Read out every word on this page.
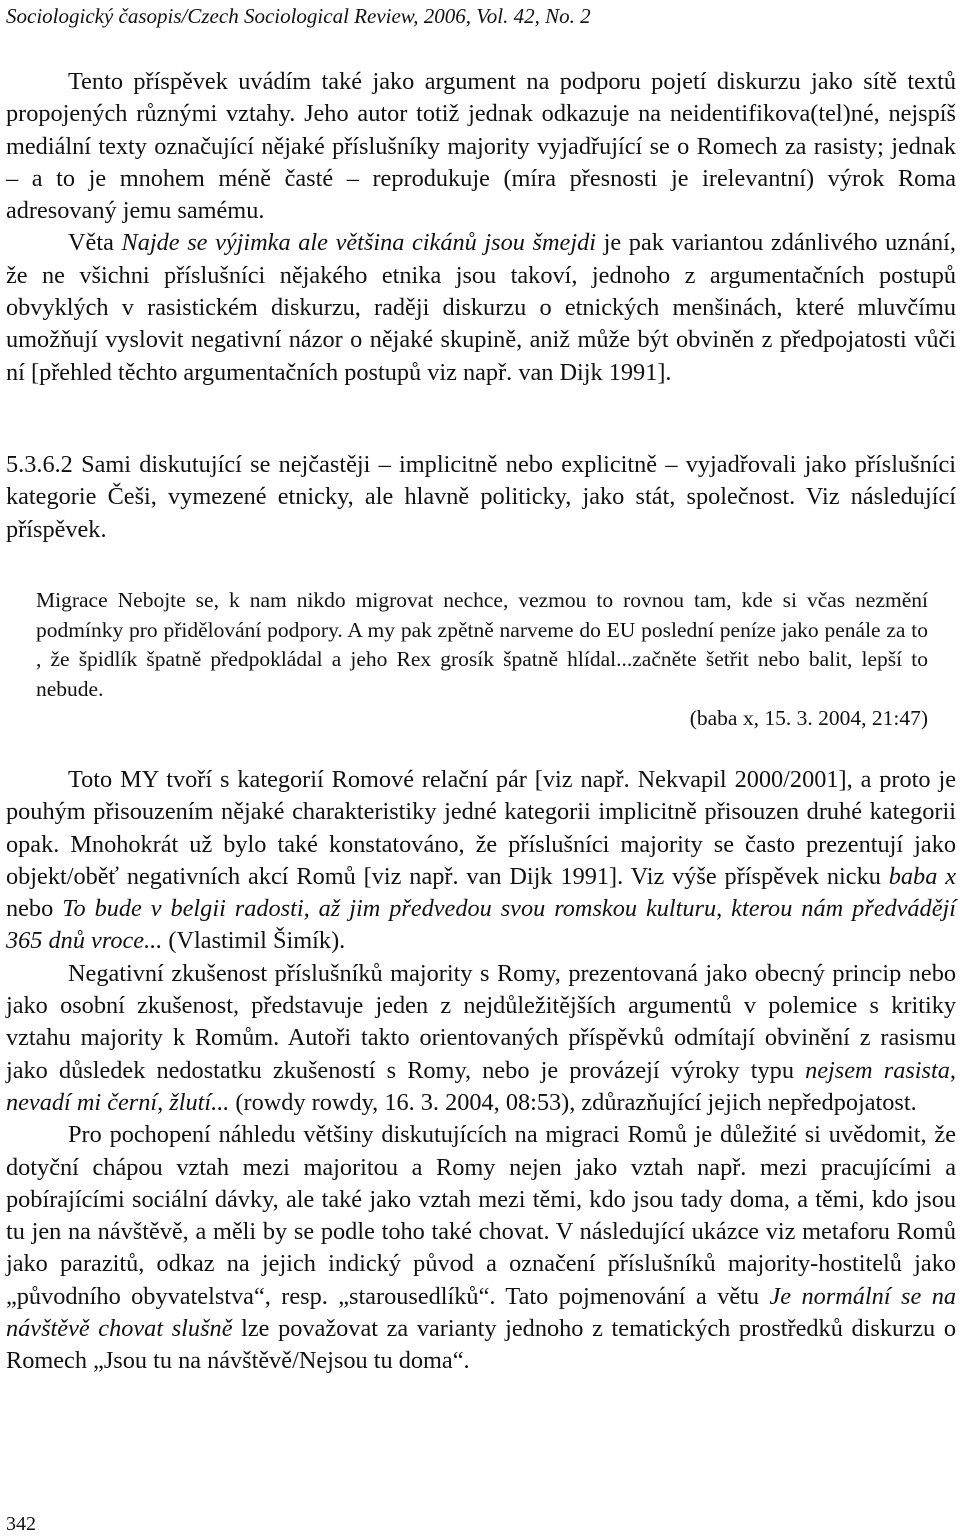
Sociologický časopis/Czech Sociological Review, 2006, Vol. 42, No. 2

Tento příspěvek uvádím také jako argument na podporu pojetí diskurzu jako sítě textů propojených různými vztahy. Jeho autor totiž jednak odkazuje na neidentifikova(tel)né, nejspíš mediální texty označující nějaké příslušníky majority vyjadřující se o Romech za rasisty; jednak – a to je mnohem méně časté – reprodukuje (míra přesnosti je irelevantní) výrok Roma adresovaný jemu samému.

Věta Najde se výjimka ale většina cikánů jsou šmejdi je pak variantou zdánlivého uznání, že ne všichni příslušníci nějakého etnika jsou takoví, jednoho z argumentačních postupů obvyklých v rasistickém diskurzu, raději diskurzu o etnických menšinách, které mluvčímu umožňují vyslovit negativní názor o nějaké skupině, aniž může být obviněn z předpojatosti vůči ní [přehled těchto argumentačních postupů viz např. van Dijk 1991].

5.3.6.2 Sami diskutující se nejčastěji – implicitně nebo explicitně – vyjadřovali jako příslušníci kategorie Češi, vymezené etnicky, ale hlavně politicky, jako stát, společnost. Viz následující příspěvek.

Migrace Nebojte se, k nam nikdo migrovat nechce, vezmou to rovnou tam, kde si včas nezmění podmínky pro přidělování podpory. A my pak zpětně narveme do EU poslední peníze jako penále za to , že špidlík špatně předpokládal a jeho Rex grosík špatně hlídal...začněte šetřit nebo balit, lepší to nebude.

(baba x, 15. 3. 2004, 21:47)

Toto MY tvoří s kategorií Romové relační pár [viz např. Nekvapil 2000/2001], a proto je pouhým přisouzením nějaké charakteristiky jedné kategorii implicitně přisouzen druhé kategorii opak. Mnohokrát už bylo také konstatováno, že příslušníci majority se často prezentují jako objekt/oběť negativních akcí Romů [viz např. van Dijk 1991]. Viz výše příspěvek nicku baba x nebo To bude v belgii radosti, až jim předvedou svou romskou kulturu, kterou nám předvádějí 365 dnů vroce... (Vlastimil Šimík).

Negativní zkušenost příslušníků majority s Romy, prezentovaná jako obecný princip nebo jako osobní zkušenost, představuje jeden z nejdůležitějších argumentů v polemice s kritiky vztahu majority k Romům. Autoři takto orientovaných příspěvků odmítají obvinění z rasismu jako důsledek nedostatku zkušeností s Romy, nebo je provázejí výroky typu nejsem rasista, nevadí mi černí, žlutí... (rowdy rowdy, 16. 3. 2004, 08:53), zdůrazňující jejich nepředpojatost.

Pro pochopení náhledu většiny diskutujících na migraci Romů je důležité si uvědomit, že dotyční chápou vztah mezi majoritou a Romy nejen jako vztah např. mezi pracujícími a pobírajícími sociální dávky, ale také jako vztah mezi těmi, kdo jsou tady doma, a těmi, kdo jsou tu jen na návštěvě, a měli by se podle toho také chovat. V následující ukázce viz metaforu Romů jako parazitů, odkaz na jejich indický původ a označení příslušníků majority-hostitelů jako „původního obyvatelstva“, resp. „starousedlíků“. Tato pojmenování a větu Je normální se na návštěvě chovat slušně lze považovat za varianty jednoho z tematických prostředků diskurzu o Romech „Jsou tu na návštěvě/Nejsou tu doma“.

342
